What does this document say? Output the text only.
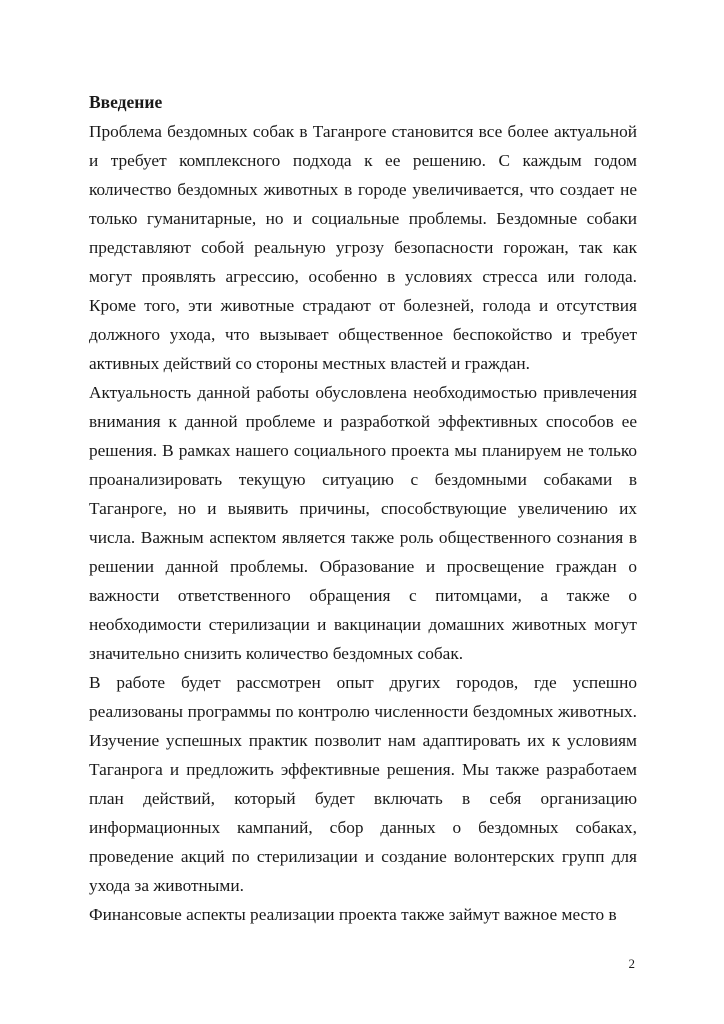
Введение

Проблема бездомных собак в Таганроге становится все более актуальной и требует комплексного подхода к ее решению. С каждым годом количество бездомных животных в городе увеличивается, что создает не только гуманитарные, но и социальные проблемы. Бездомные собаки представляют собой реальную угрозу безопасности горожан, так как могут проявлять агрессию, особенно в условиях стресса или голода. Кроме того, эти животные страдают от болезней, голода и отсутствия должного ухода, что вызывает общественное беспокойство и требует активных действий со стороны местных властей и граждан.

Актуальность данной работы обусловлена необходимостью привлечения внимания к данной проблеме и разработкой эффективных способов ее решения. В рамках нашего социального проекта мы планируем не только проанализировать текущую ситуацию с бездомными собаками в Таганроге, но и выявить причины, способствующие увеличению их числа. Важным аспектом является также роль общественного сознания в решении данной проблемы. Образование и просвещение граждан о важности ответственного обращения с питомцами, а также о необходимости стерилизации и вакцинации домашних животных могут значительно снизить количество бездомных собак.

В работе будет рассмотрен опыт других городов, где успешно реализованы программы по контролю численности бездомных животных. Изучение успешных практик позволит нам адаптировать их к условиям Таганрога и предложить эффективные решения. Мы также разработаем план действий, который будет включать в себя организацию информационных кампаний, сбор данных о бездомных собаках, проведение акций по стерилизации и создание волонтерских групп для ухода за животными.

Финансовые аспекты реализации проекта также займут важное место в

2
